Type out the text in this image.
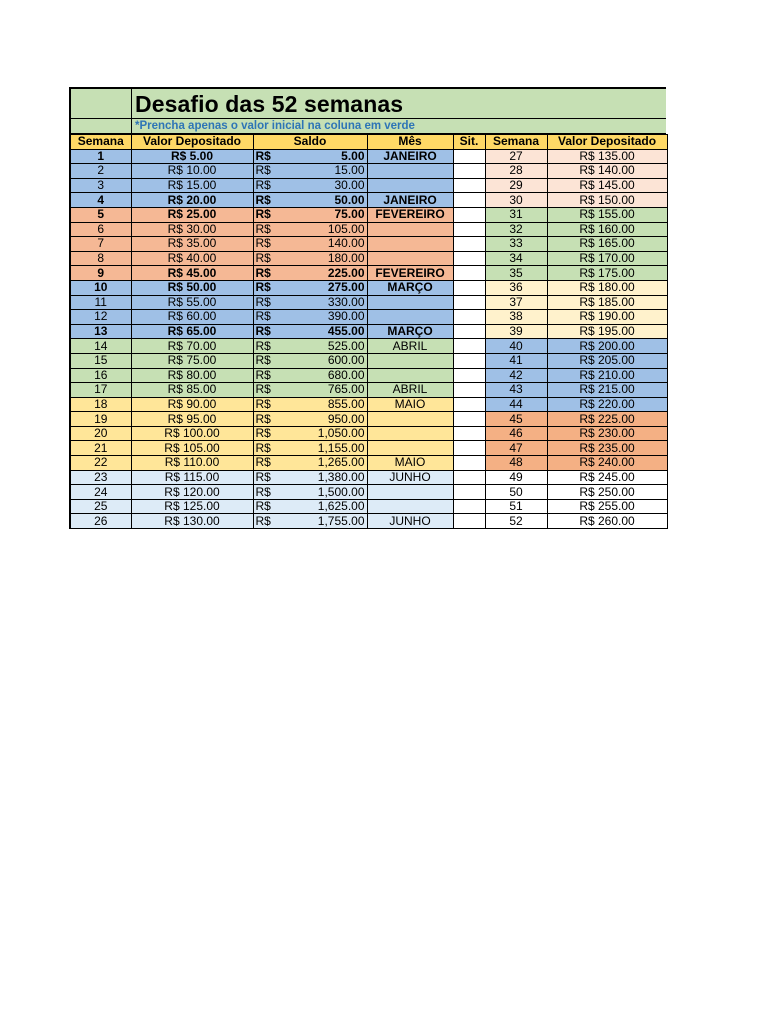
Desafio das 52 semanas
*Prencha apenas o valor inicial na coluna em verde
Semana	Valor Depositado	Saldo		Mês	Sit.	Semana	Valor Depositado
1	R$ 5.00	R$	5.00	JANEIRO		27	R$ 135.00
2	R$ 10.00	R$	15.00			28	R$ 140.00
3	R$ 15.00	R$	30.00			29	R$ 145.00
4	R$ 20.00	R$	50.00	JANEIRO		30	R$ 150.00
5	R$ 25.00	R$	75.00	FEVEREIRO		31	R$ 155.00
6	R$ 30.00	R$	105.00			32	R$ 160.00
7	R$ 35.00	R$	140.00			33	R$ 165.00
8	R$ 40.00	R$	180.00			34	R$ 170.00
9	R$ 45.00	R$	225.00	FEVEREIRO		35	R$ 175.00
10	R$ 50.00	R$	275.00	MARÇO		36	R$ 180.00
11	R$ 55.00	R$	330.00			37	R$ 185.00
12	R$ 60.00	R$	390.00			38	R$ 190.00
13	R$ 65.00	R$	455.00	MARÇO		39	R$ 195.00
14	R$ 70.00	R$	525.00	ABRIL		40	R$ 200.00
15	R$ 75.00	R$	600.00			41	R$ 205.00
16	R$ 80.00	R$	680.00			42	R$ 210.00
17	R$ 85.00	R$	765.00	ABRIL		43	R$ 215.00
18	R$ 90.00	R$	855.00	MAIO		44	R$ 220.00
19	R$ 95.00	R$	950.00			45	R$ 225.00
20	R$ 100.00	R$	1,050.00			46	R$ 230.00
21	R$ 105.00	R$	1,155.00			47	R$ 235.00
22	R$ 110.00	R$	1,265.00	MAIO		48	R$ 240.00
23	R$ 115.00	R$	1,380.00	JUNHO		49	R$ 245.00
24	R$ 120.00	R$	1,500.00			50	R$ 250.00
25	R$ 125.00	R$	1,625.00			51	R$ 255.00
26	R$ 130.00	R$	1,755.00	JUNHO		52	R$ 260.00
